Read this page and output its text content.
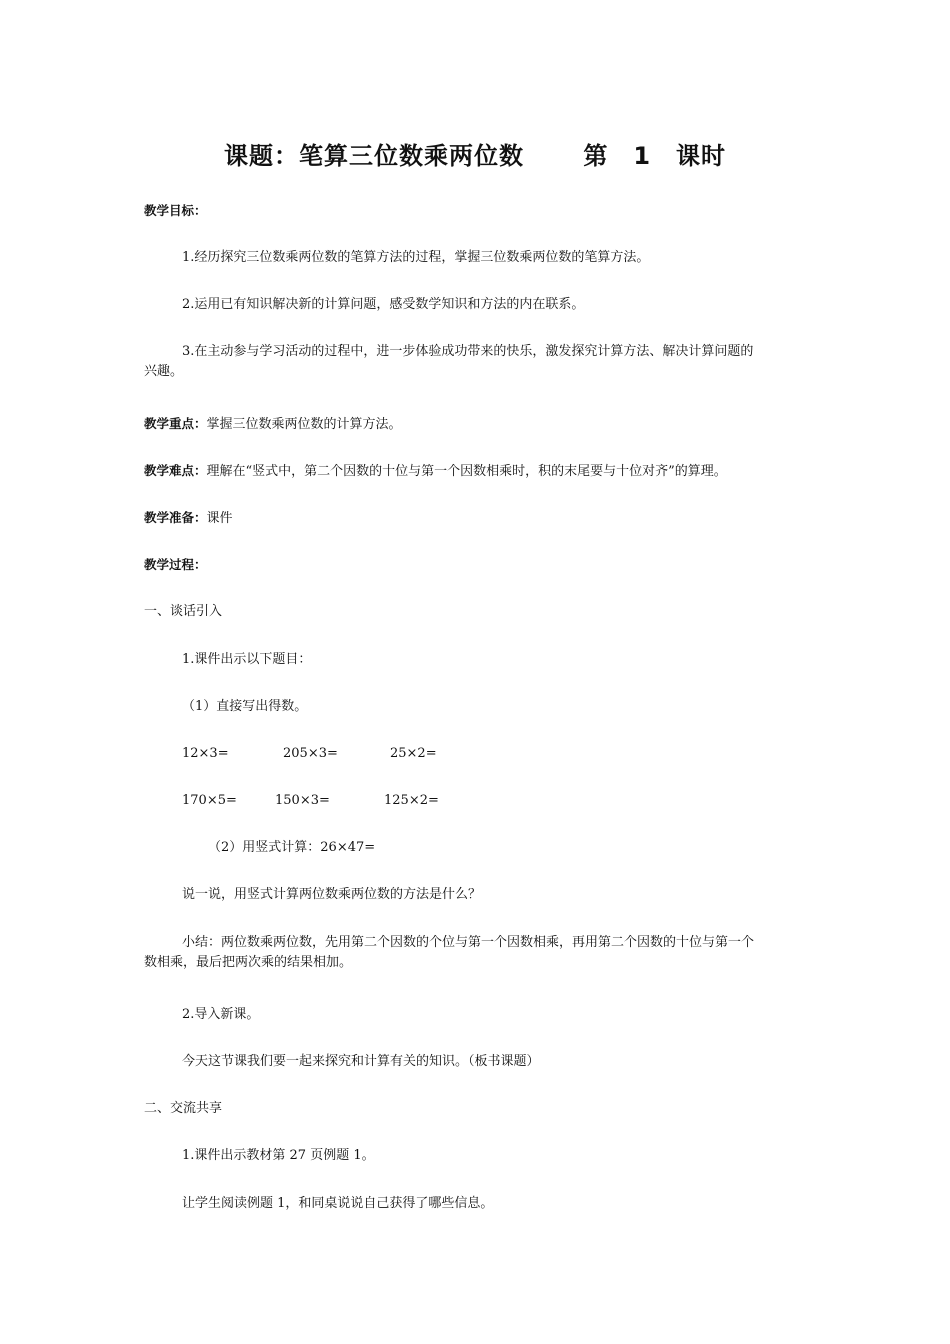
课题：笔算三位数乘两位数　　 第　1　课时
教学目标：
1.经历探究三位数乘两位数的笔算方法的过程，掌握三位数乘两位数的笔算方法。
2.运用已有知识解决新的计算问题，感受数学知识和方法的内在联系。
3.在主动参与学习活动的过程中，进一步体验成功带来的快乐，激发探究计算方法、解决计算问题的兴趣。
教学重点：掌握三位数乘两位数的计算方法。
教学难点：理解在“竖式中，第二个因数的十位与第一个因数相乘时，积的末尾要与十位对齐”的算理。
教学准备：课件
教学过程：
一、谈话引入
1.课件出示以下题目：
（1）直接写出得数。
12×3=	205×3=	25×2=
170×5=	150×3=	125×2=
（2）用竖式计算：26×47=
说一说，用竖式计算两位数乘两位数的方法是什么？
小结：两位数乘两位数，先用第二个因数的个位与第一个因数相乘，再用第二个因数的十位与第一个数相乘，最后把两次乘的结果相加。
2.导入新课。
今天这节课我们要一起来探究和计算有关的知识。（板书课题）
二、交流共享
1.课件出示教材第 27 页例题 1。
让学生阅读例题 1，和同桌说说自己获得了哪些信息。
